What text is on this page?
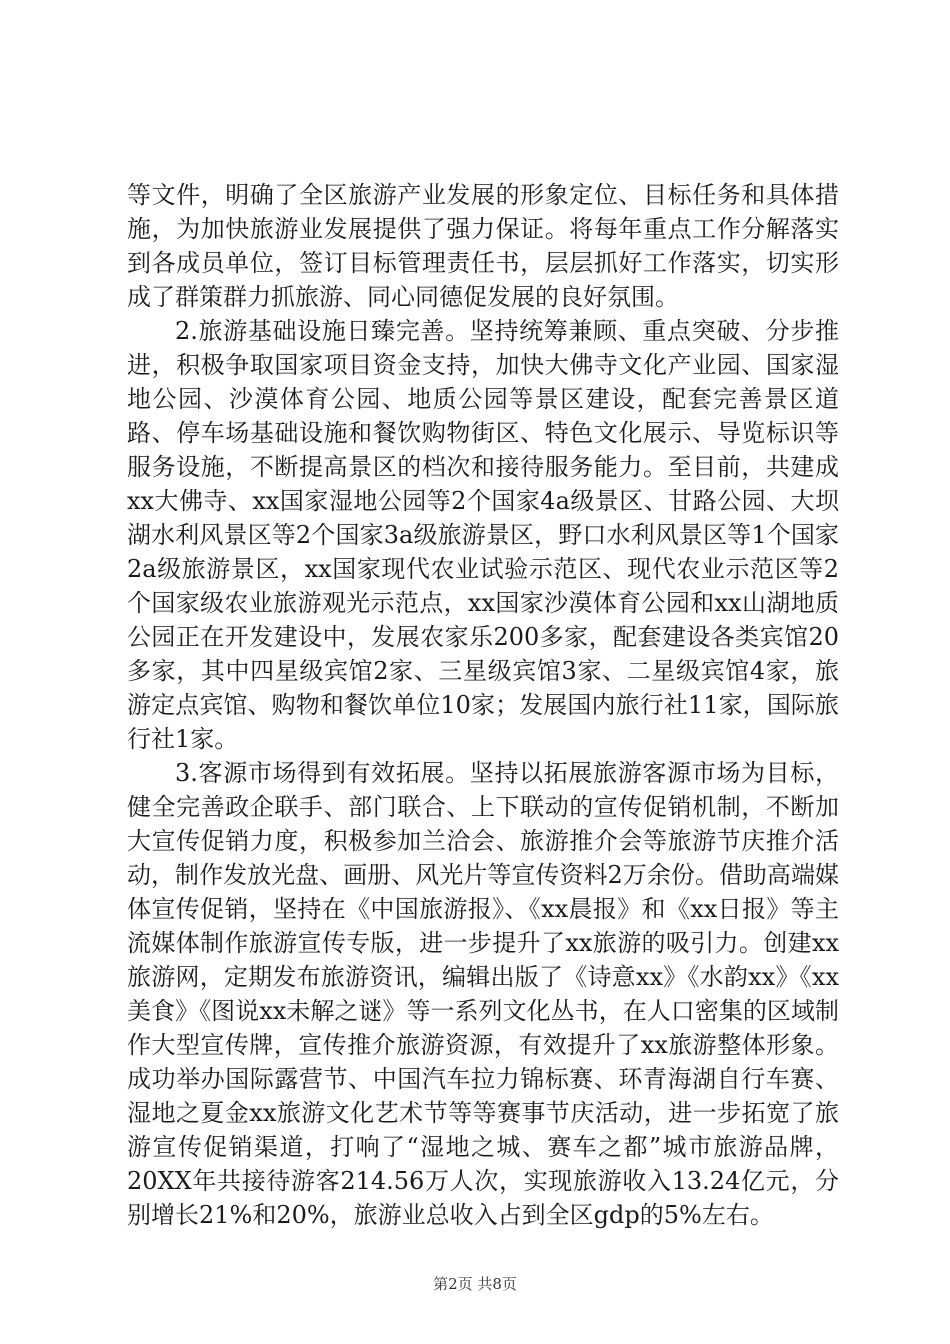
等文件，明确了全区旅游产业发展的形象定位、目标任务和具体措施，为加快旅游业发展提供了强力保证。将每年重点工作分解落实到各成员单位，签订目标管理责任书，层层抓好工作落实，切实形成了群策群力抓旅游、同心同德促发展的良好氛围。

2.旅游基础设施日臻完善。坚持统筹兼顾、重点突破、分步推进，积极争取国家项目资金支持，加快大佛寺文化产业园、国家湿地公园、沙漠体育公园、地质公园等景区建设，配套完善景区道路、停车场基础设施和餐饮购物街区、特色文化展示、导览标识等服务设施，不断提高景区的档次和接待服务能力。至目前，共建成xx大佛寺、xx国家湿地公园等2个国家4a级景区、甘路公园、大坝湖水利风景区等2个国家3a级旅游景区，野口水利风景区等1个国家2a级旅游景区，xx国家现代农业试验示范区、现代农业示范区等2个国家级农业旅游观光示范点，xx国家沙漠体育公园和xx山湖地质公园正在开发建设中，发展农家乐200多家，配套建设各类宾馆20多家，其中四星级宾馆2家、三星级宾馆3家、二星级宾馆4家，旅游定点宾馆、购物和餐饮单位10家；发展国内旅行社11家，国际旅行社1家。

3.客源市场得到有效拓展。坚持以拓展旅游客源市场为目标，健全完善政企联手、部门联合、上下联动的宣传促销机制，不断加大宣传促销力度，积极参加兰洽会、旅游推介会等旅游节庆推介活动，制作发放光盘、画册、风光片等宣传资料2万余份。借助高端媒体宣传促销，坚持在《中国旅游报》、《xx晨报》和《xx日报》等主流媒体制作旅游宣传专版，进一步提升了xx旅游的吸引力。创建xx旅游网，定期发布旅游资讯，编辑出版了《诗意xx》《水韵xx》《xx美食》《图说xx未解之谜》等一系列文化丛书，在人口密集的区域制作大型宣传牌，宣传推介旅游资源，有效提升了xx旅游整体形象。成功举办国际露营节、中国汽车拉力锦标赛、环青海湖自行车赛、湿地之夏金xx旅游文化艺术节等等赛事节庆活动，进一步拓宽了旅游宣传促销渠道，打响了“湿地之城、赛车之都”城市旅游品牌，20XX年共接待游客214.56万人次，实现旅游收入13.24亿元，分别增长21%和20%，旅游业总收入占到全区gdp的5%左右。

第2页 共8页
